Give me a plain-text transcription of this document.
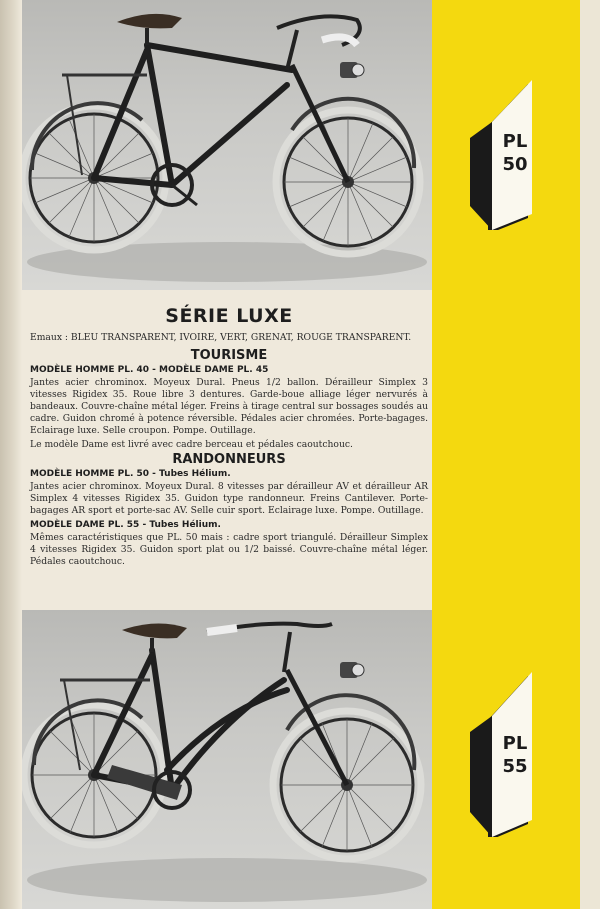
PL
50
SÉRIE LUXE
Emaux : BLEU TRANSPARENT, IVOIRE, VERT, GRENAT, ROUGE TRANSPARENT.
TOURISME
MODÈLE HOMME PL. 40 - MODÈLE DAME PL. 45
Jantes acier chrominox. Moyeux Dural. Pneus 1/2 ballon. Dérailleur Simplex 3 vitesses Rigidex 35. Roue libre 3 dentures. Garde-boue alliage léger nervurés à bandeaux. Couvre-chaîne métal léger. Freins à tirage central sur bossages soudés au cadre. Guidon chromé à potence réversible. Pédales acier chromées. Porte-bagages. Eclairage luxe. Selle croupon. Pompe. Outillage.
Le modèle Dame est livré avec cadre berceau et pédales caoutchouc.
RANDONNEURS
MODÈLE HOMME PL. 50 - Tubes Hélium.
Jantes acier chrominox. Moyeux Dural. 8 vitesses par dérailleur AV et dérailleur AR Simplex 4 vitesses Rigidex 35. Guidon type randonneur. Freins Cantilever. Porte-bagages AR sport et porte-sac AV. Selle cuir sport. Eclairage luxe. Pompe. Outillage.
MODÈLE DAME PL. 55 - Tubes Hélium.
Mêmes caractéristiques que PL. 50 mais : cadre sport triangulé. Dérailleur Simplex 4 vitesses Rigidex 35. Guidon sport plat ou 1/2 baissé. Couvre-chaîne métal léger. Pédales caoutchouc.
PL
55
